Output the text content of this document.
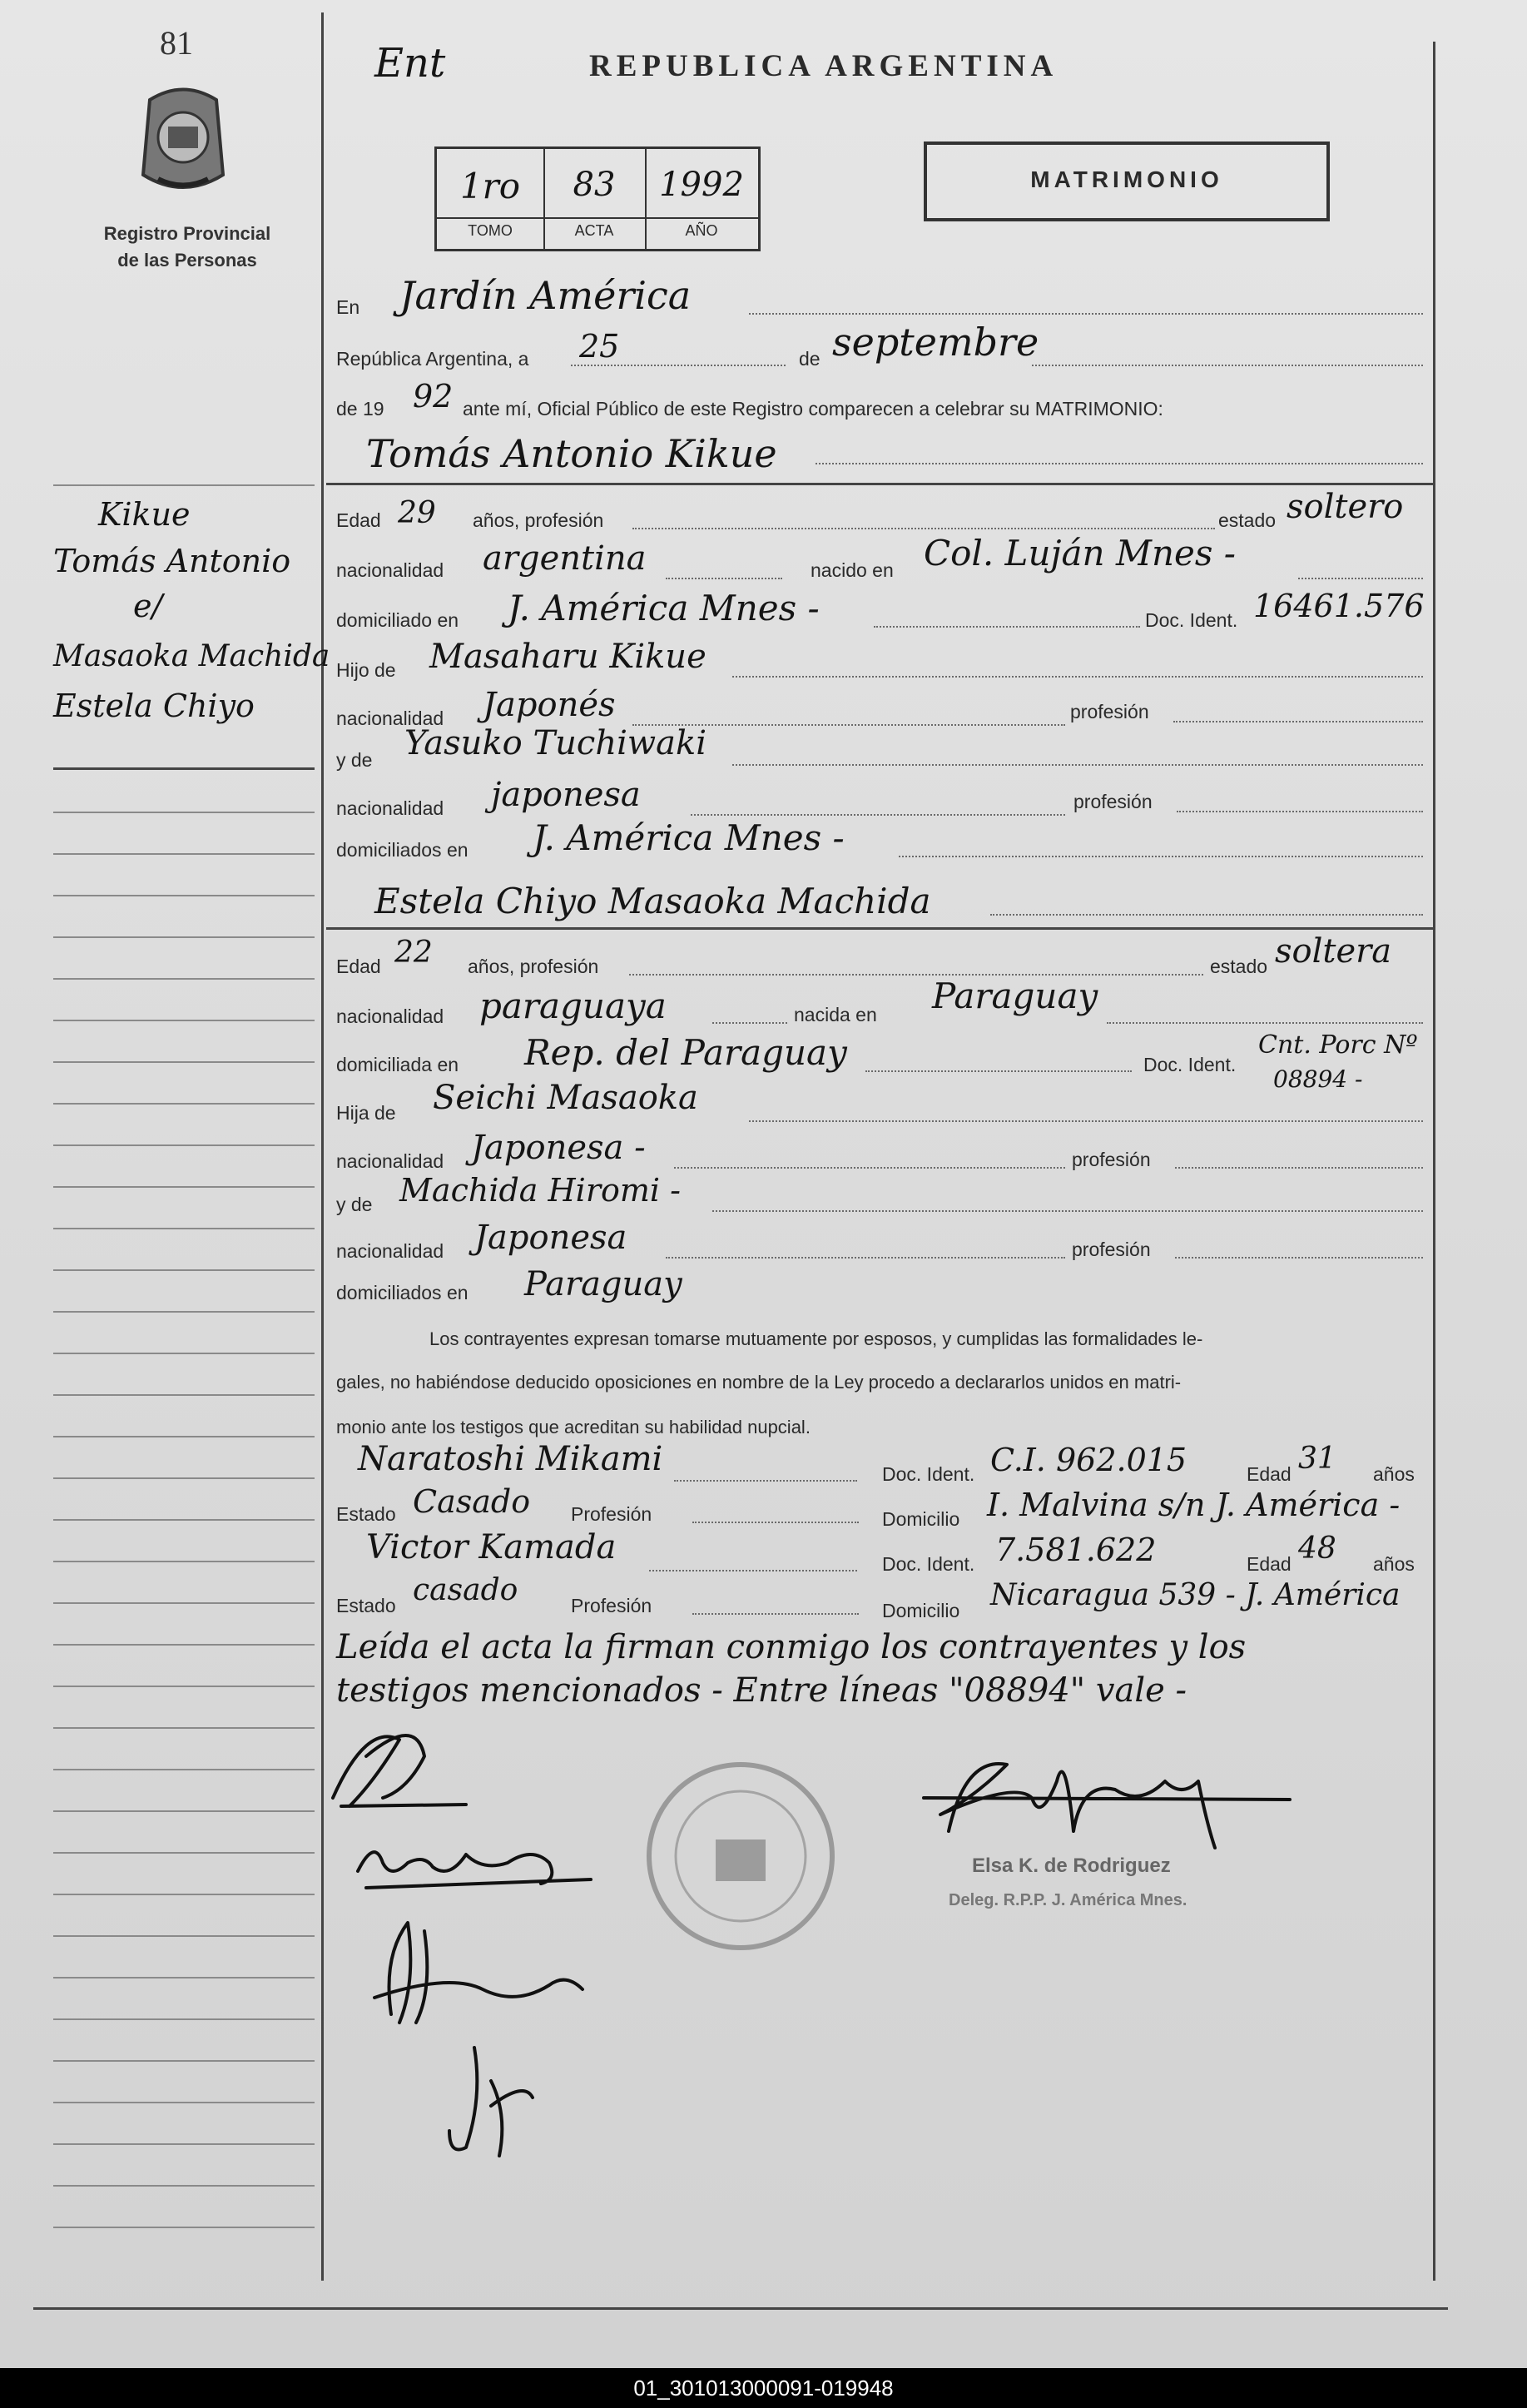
81
Registro Provincial
de las Personas
Kikue
Tomás Antonio
e/
Masaoka Machida
Estela Chiyo
Ent	REPUBLICA ARGENTINA
1ro	83	1992
TOMO	ACTA	AÑO
MATRIMONIO
En Jardín América
República Argentina, a 25	de septembre
de 19 92 ante mí, Oficial Público de este Registro comparecen a celebrar su MATRIMONIO:
Tomás Antonio Kikue
Edad 29 años, profesión	estado soltero
nacionalidad argentina	nacido en Col. Luján Mnes -
domiciliado en J. América Mnes -	Doc. Ident. 16461.576
Hijo de Masaharu Kikue
nacionalidad Japonés	profesión
y de Yasuko Tuchiwaki
nacionalidad japonesa	profesión
domiciliados en J. América Mnes -
Estela Chiyo Masaoka Machida
Edad 22 años, profesión	estado soltera
nacionalidad paraguaya	nacida en Paraguay
domiciliada en Rep. del Paraguay	Doc. Ident.
Cnt. Porc Nº
08894 -
Hija de Seichi Masaoka
nacionalidad Japonesa -	profesión
y de Machida Hiromi -
nacionalidad Japonesa	profesión
domiciliados en Paraguay
Los contrayentes expresan tomarse mutuamente por esposos, y cumplidas las formalidades le-
gales, no habiéndose deducido oposiciones en nombre de la Ley procedo a declararlos unidos en matri-
monio ante los testigos que acreditan su habilidad nupcial.
Naratoshi Mikami	Doc. Ident. C.I. 962.015	Edad 31 años
Estado Casado Profesión	Domicilio I. Malvina s/n J. América -
Victor Kamada	Doc. Ident. 7.581.622	Edad 48 años
Estado casado	Profesión	Domicilio Nicaragua 539 - J. América
Leída el acta la firman conmigo los contrayentes y los
testigos mencionados - Entre líneas "08894" vale -
Elsa K. de Rodriguez
Deleg. R.P.P. J. América Mnes.
01_301013000091-019948
